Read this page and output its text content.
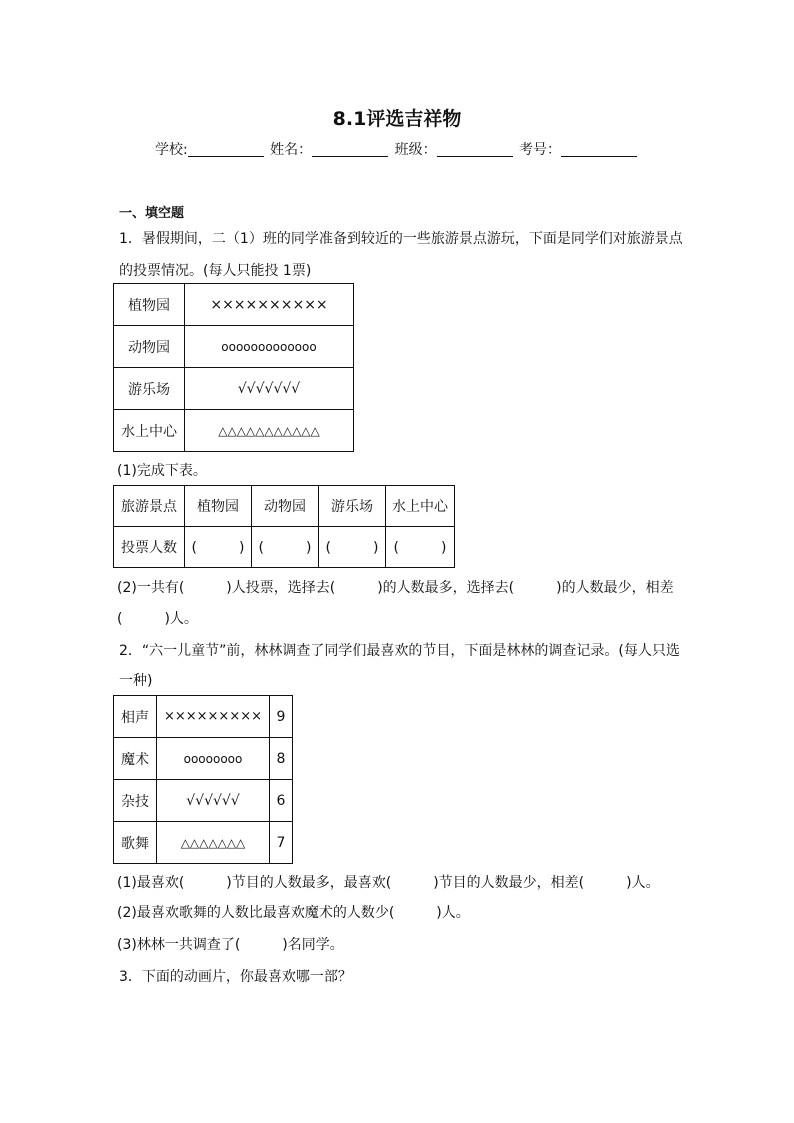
8.1评选吉祥物
学校:	姓名：	班级：	考号：
一、填空题
1．暑假期间，二（1）班的同学准备到较近的一些旅游景点游玩，下面是同学们对旅游景点
的投票情况。(每人只能投 1票)
植物园	××××××××××
动物园	ooooooooooooo
游乐场	√√√√√√√
水上中心	△△△△△△△△△△△
(1)完成下表。
旅游景点	植物园	动物园	游乐场	水上中心
投票人数	(　　　)	(　　　)	(　　　)	(　　　)
(2)一共有(　　　)人投票，选择去(　　　)的人数最多，选择去(　　　)的人数最少，相差
(　　　)人。
2．“六一儿童节”前，林林调查了同学们最喜欢的节目，下面是林林的调查记录。(每人只选
一种)
相声	×××××××××	9
魔术	oooooooo	8
杂技	√√√√√√	6
歌舞	△△△△△△△	7
(1)最喜欢(　　　)节目的人数最多，最喜欢(　　　)节目的人数最少，相差(　　　)人。
(2)最喜欢歌舞的人数比最喜欢魔术的人数少(　　　)人。
(3)林林一共调查了(　　　)名同学。
3．下面的动画片，你最喜欢哪一部？
